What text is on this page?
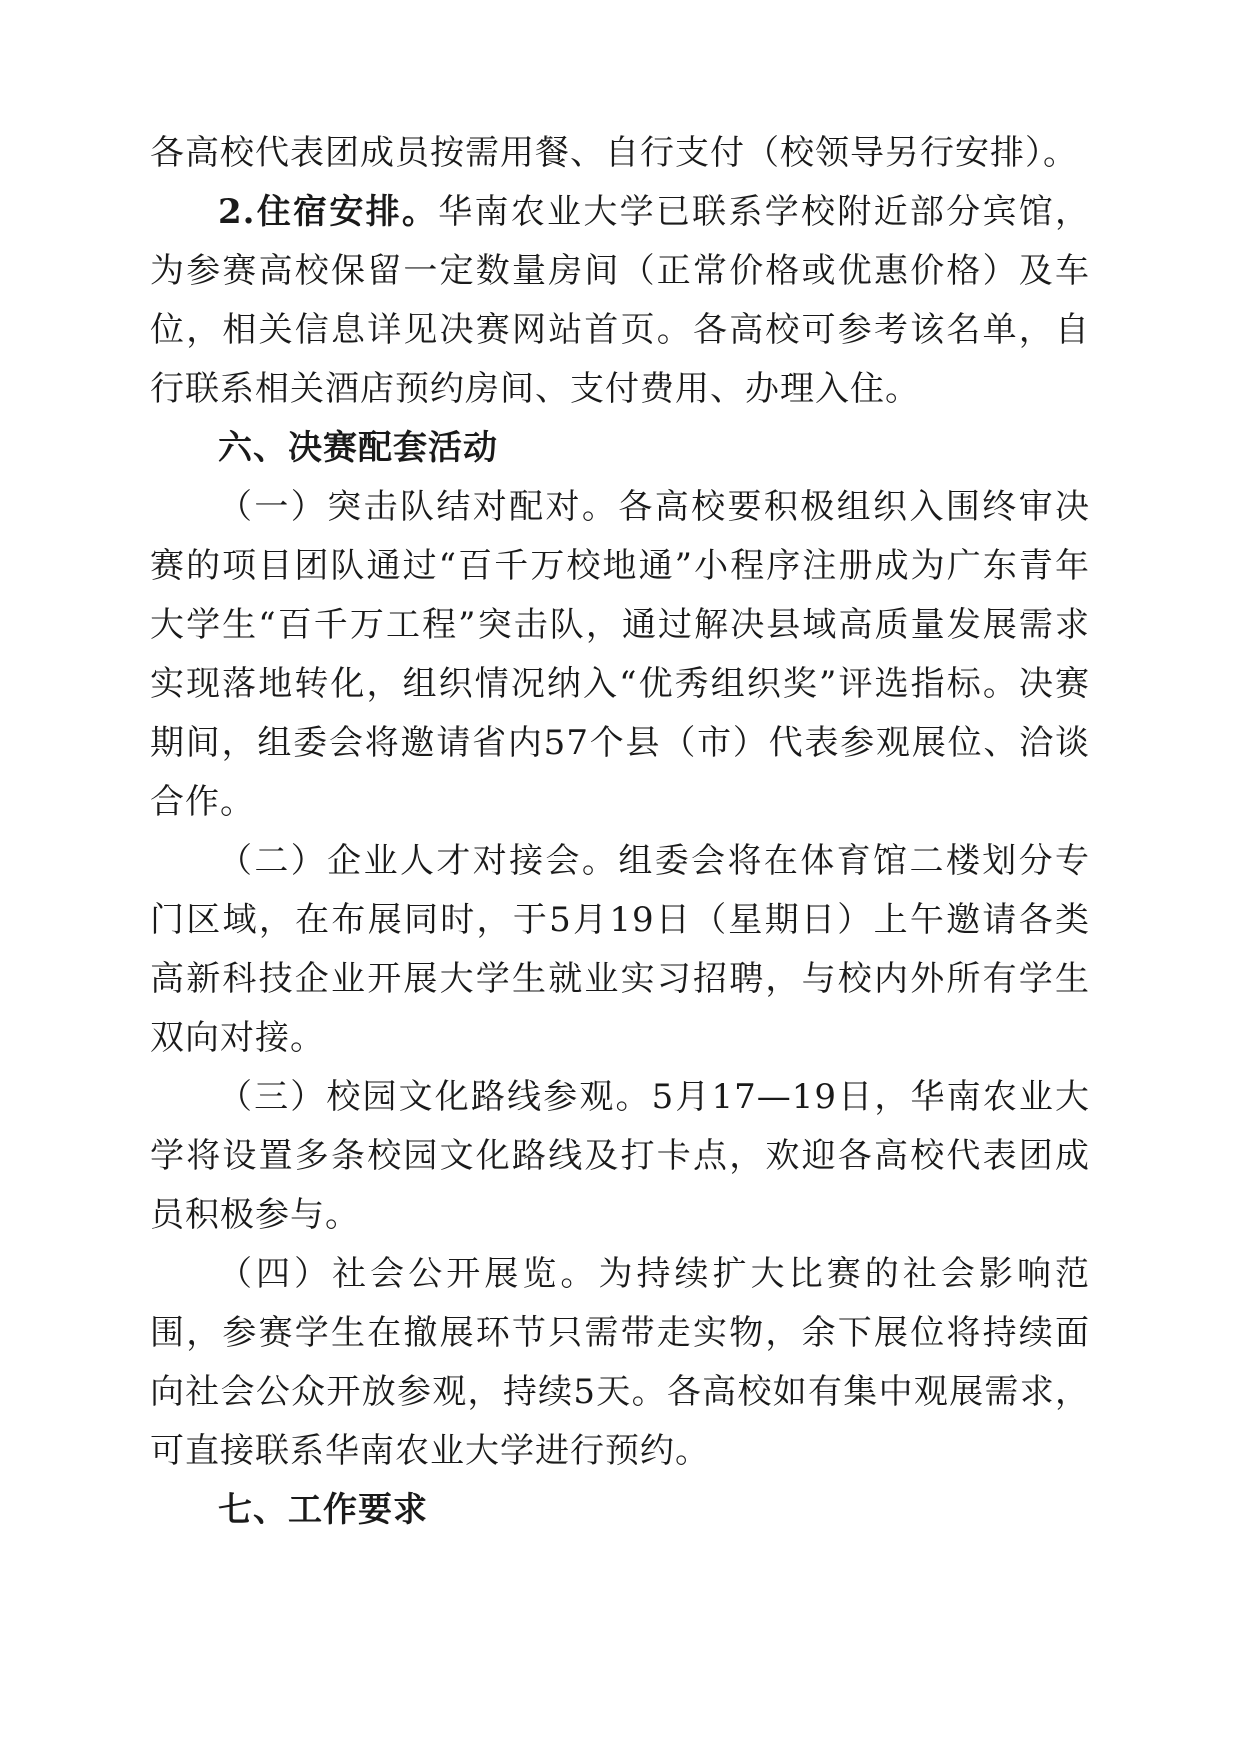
各高校代表团成员按需用餐、自行支付（校领导另行安排）。

2.住宿安排。华南农业大学已联系学校附近部分宾馆，为参赛高校保留一定数量房间（正常价格或优惠价格）及车位，相关信息详见决赛网站首页。各高校可参考该名单，自行联系相关酒店预约房间、支付费用、办理入住。

六、决赛配套活动

（一）突击队结对配对。各高校要积极组织入围终审决赛的项目团队通过“百千万校地通”小程序注册成为广东青年大学生“百千万工程”突击队，通过解决县域高质量发展需求实现落地转化，组织情况纳入“优秀组织奖”评选指标。决赛期间，组委会将邀请省内57个县（市）代表参观展位、洽谈合作。

（二）企业人才对接会。组委会将在体育馆二楼划分专门区域，在布展同时，于5月19日（星期日）上午邀请各类高新科技企业开展大学生就业实习招聘，与校内外所有学生双向对接。

（三）校园文化路线参观。5月17—19日，华南农业大学将设置多条校园文化路线及打卡点，欢迎各高校代表团成员积极参与。

（四）社会公开展览。为持续扩大比赛的社会影响范围，参赛学生在撤展环节只需带走实物，余下展位将持续面向社会公众开放参观，持续5天。各高校如有集中观展需求，可直接联系华南农业大学进行预约。

七、工作要求
